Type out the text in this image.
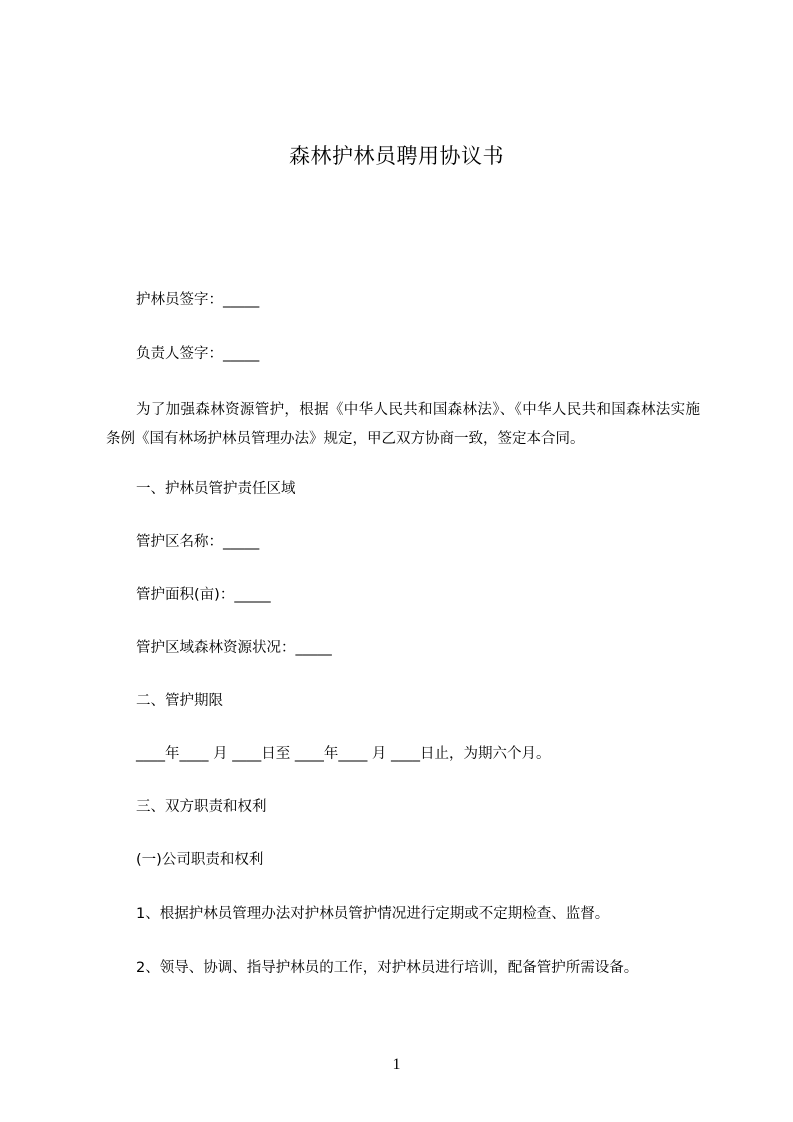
森林护林员聘用协议书
护林员签字：_____
负责人签字：_____
为了加强森林资源管护，根据《中华人民共和国森林法》、《中华人民共和国森林法实施条例《国有林场护林员管理办法》规定，甲乙双方协商一致，签定本合同。
一、护林员管护责任区域
管护区名称：_____
管护面积(亩)：_____
管护区域森林资源状况：_____
二、管护期限
____年____ 月 ____日至 ____年____ 月 ____日止，为期六个月。
三、双方职责和权利
(一)公司职责和权利
1、根据护林员管理办法对护林员管护情况进行定期或不定期检查、监督。
2、领导、协调、指导护林员的工作，对护林员进行培训，配备管护所需设备。
1
